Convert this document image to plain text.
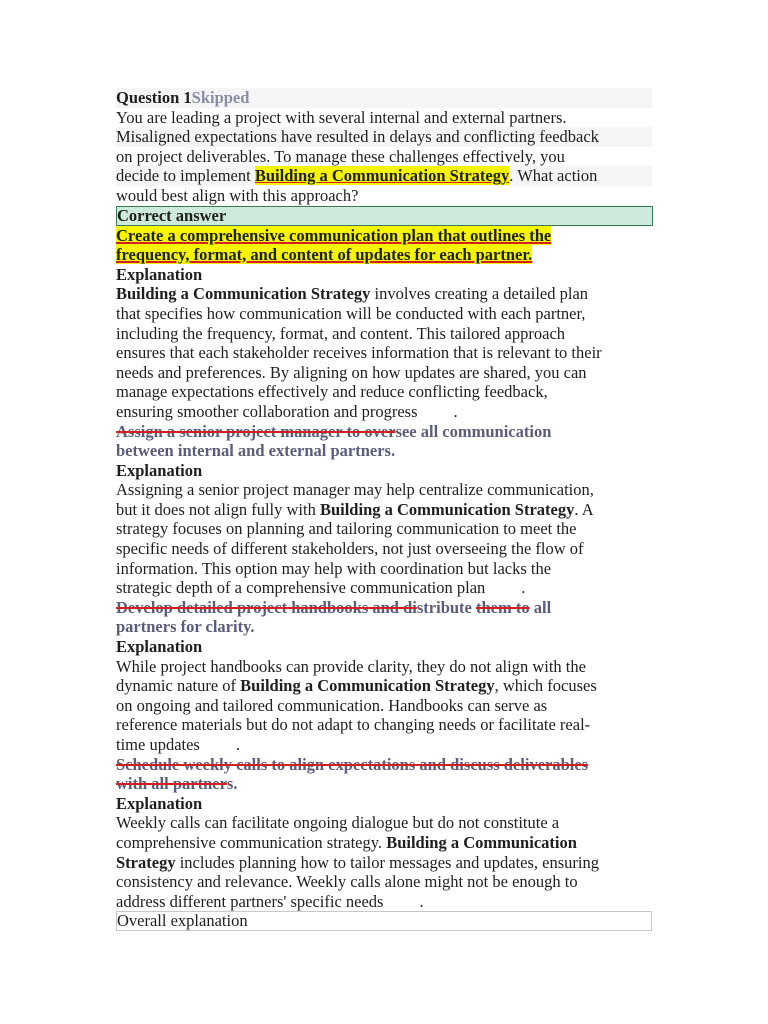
Question 1Skipped
You are leading a project with several internal and external partners.
Misaligned expectations have resulted in delays and conflicting feedback
on project deliverables. To manage these challenges effectively, you
decide to implement Building a Communication Strategy. What action
would best align with this approach?
Correct answer
Create a comprehensive communication plan that outlines the
frequency, format, and content of updates for each partner.
Explanation
Building a Communication Strategy involves creating a detailed plan
that specifies how communication will be conducted with each partner,
including the frequency, format, and content. This tailored approach
ensures that each stakeholder receives information that is relevant to their
needs and preferences. By aligning on how updates are shared, you can
manage expectations effectively and reduce conflicting feedback,
ensuring smoother collaboration and progress .
Assign a senior project manager to oversee all communication
between internal and external partners.
Explanation
Assigning a senior project manager may help centralize communication,
but it does not align fully with Building a Communication Strategy. A
strategy focuses on planning and tailoring communication to meet the
specific needs of different stakeholders, not just overseeing the flow of
information. This option may help with coordination but lacks the
strategic depth of a comprehensive communication plan .
Develop detailed project handbooks and distribute them to all
partners for clarity.
Explanation
While project handbooks can provide clarity, they do not align with the
dynamic nature of Building a Communication Strategy, which focuses
on ongoing and tailored communication. Handbooks can serve as
reference materials but do not adapt to changing needs or facilitate real-
time updates .
Schedule weekly calls to align expectations and discuss deliverables
with all partners.
Explanation
Weekly calls can facilitate ongoing dialogue but do not constitute a
comprehensive communication strategy. Building a Communication
Strategy includes planning how to tailor messages and updates, ensuring
consistency and relevance. Weekly calls alone might not be enough to
address different partners' specific needs .
Overall explanation
